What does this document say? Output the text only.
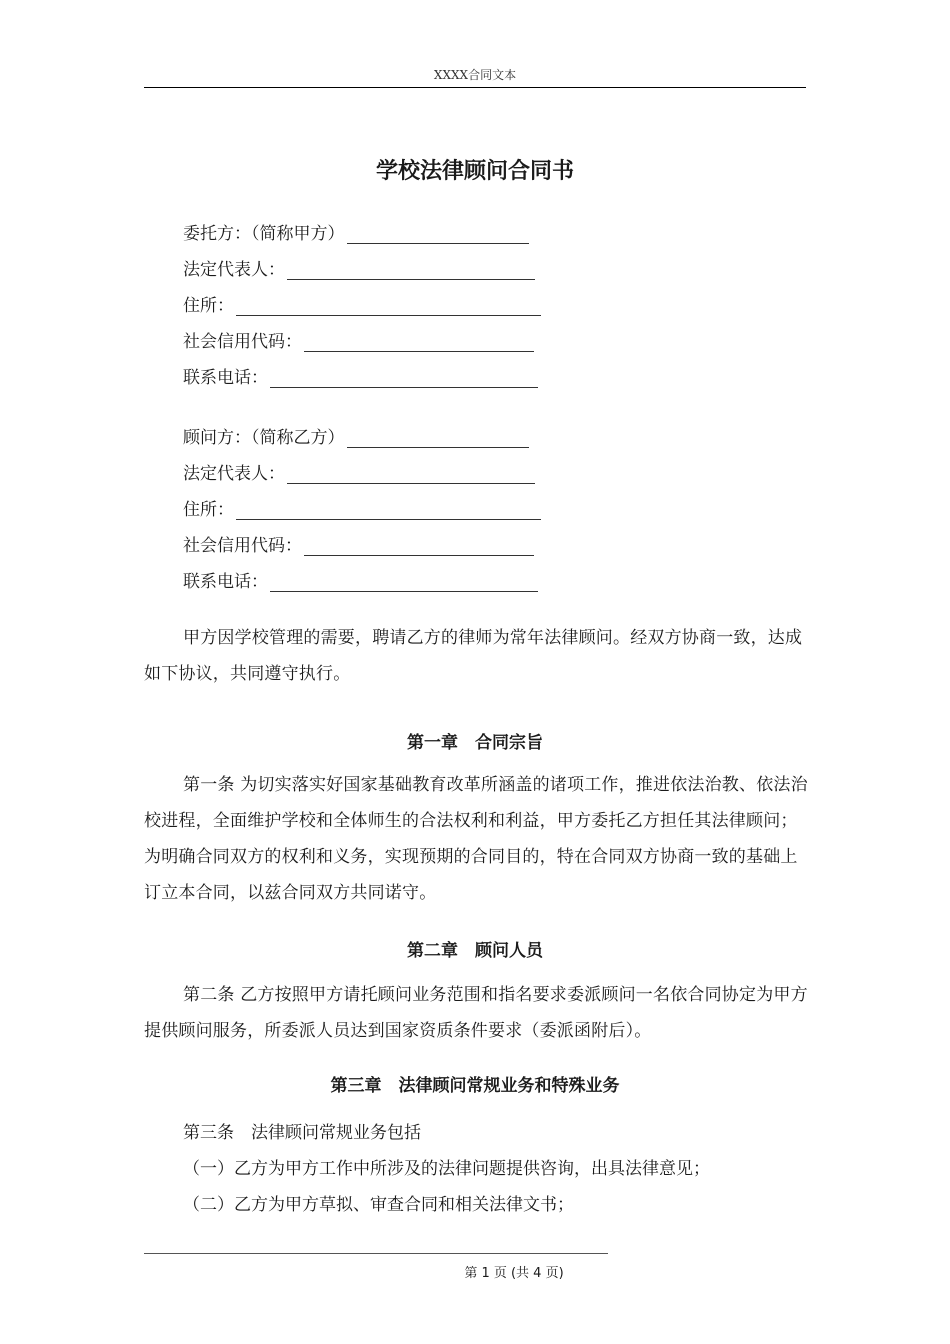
XXXX合同文本
学校法律顾问合同书
委托方：（简称甲方）
法定代表人：
住所：
社会信用代码：
联系电话：
顾问方：（简称乙方）
法定代表人：
住所：
社会信用代码：
联系电话：
甲方因学校管理的需要，聘请乙方的律师为常年法律顾问。经双方协商一致，达成如下协议，共同遵守执行。
第一章　合同宗旨
第一条 为切实落实好国家基础教育改革所涵盖的诸项工作，推进依法治教、依法治校进程，全面维护学校和全体师生的合法权利和利益，甲方委托乙方担任其法律顾问；为明确合同双方的权利和义务，实现预期的合同目的，特在合同双方协商一致的基础上订立本合同，以兹合同双方共同诺守。
第二章　顾问人员
第二条 乙方按照甲方请托顾问业务范围和指名要求委派顾问一名依合同协定为甲方提供顾问服务，所委派人员达到国家资质条件要求（委派函附后）。
第三章　法律顾问常规业务和特殊业务
第三条　法律顾问常规业务包括
（一）乙方为甲方工作中所涉及的法律问题提供咨询，出具法律意见；
（二）乙方为甲方草拟、审查合同和相关法律文书；
第 1 页 (共 4 页)
